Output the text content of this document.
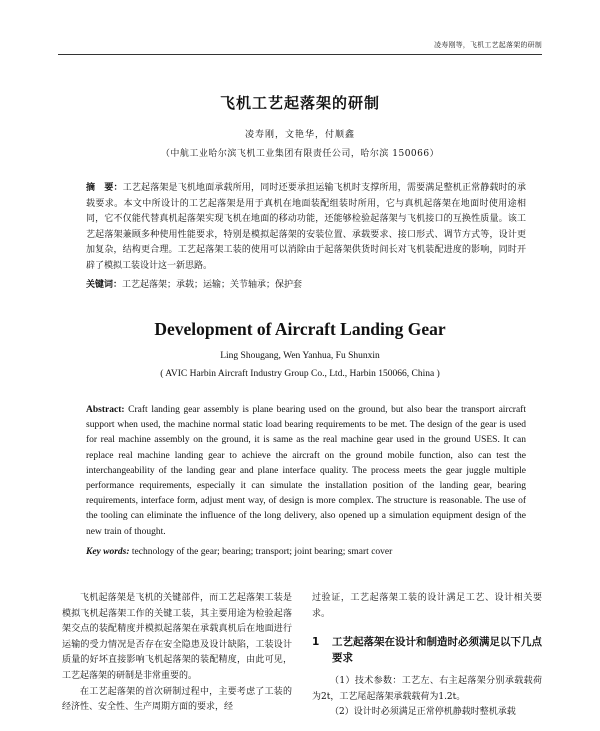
凌寿刚等，飞机工艺起落架的研制
飞机工艺起落架的研制
凌寿刚，文艳华，付顺鑫
（中航工业哈尔滨飞机工业集团有限责任公司，哈尔滨 150066）
摘　要：工艺起落架是飞机地面承载所用，同时还要承担运输飞机时支撑所用，需要满足整机正常静载时的承载要求。本文中所设计的工艺起落架是用于真机在地面装配组装时所用，它与真机起落架在地面时使用途相同，它不仅能代替真机起落架实现飞机在地面的移动功能，还能够检验起落架与飞机接口的互换性质量。该工艺起落架兼顾多种使用性能要求，特别是模拟起落架的安装位置、承载要求、接口形式、调节方式等，设计更加复杂，结构更合理。工艺起落架工装的使用可以消除由于起落架供货时间长对飞机装配进度的影响，同时开辟了模拟工装设计这一新思路。
关键词：工艺起落架；承载；运输；关节轴承；保护套
Development of Aircraft Landing Gear
Ling Shougang, Wen Yanhua, Fu Shunxin
( AVIC Harbin Aircraft Industry Group Co., Ltd., Harbin 150066, China )
Abstract: Craft landing gear assembly is plane bearing used on the ground, but also bear the transport aircraft support when used, the machine normal static load bearing requirements to be met. The design of the gear is used for real machine assembly on the ground, it is same as the real machine gear used in the ground USES. It can replace real machine landing gear to achieve the aircraft on the ground mobile function, also can test the interchangeability of the landing gear and plane interface quality. The process meets the gear juggle multiple performance requirements, especially it can simulate the installation position of the landing gear, bearing requirements, interface form, adjust ment way, of design is more complex. The structure is reasonable. The use of the tooling can eliminate the influence of the long delivery, also opened up a simulation equipment design of the new train of thought.
Key words: technology of the gear; bearing; transport; joint bearing; smart cover

飞机起落架是飞机的关键部件，而工艺起落架工装是模拟飞机起落架工作的关键工装，其主要用途为检验起落架交点的装配精度并模拟起落架在承载真机后在地面进行运输的受力情况是否存在安全隐患及设计缺陷，工装设计质量的好坏直接影响飞机起落架的装配精度，由此可见，工艺起落架的研制是非常重要的。

在工艺起落架的首次研制过程中，主要考虑了工装的经济性、安全性、生产周期方面的要求，经

过验证，工艺起落架工装的设计满足工艺、设计相关要求。

1	工艺起落架在设计和制造时必须满足以下几点要求

（1）技术参数：工艺左、右主起落架分别承载载荷为2t，工艺尾起落架承载载荷为1.2t。

（2）设计时必须满足正常停机静载时整机承载
